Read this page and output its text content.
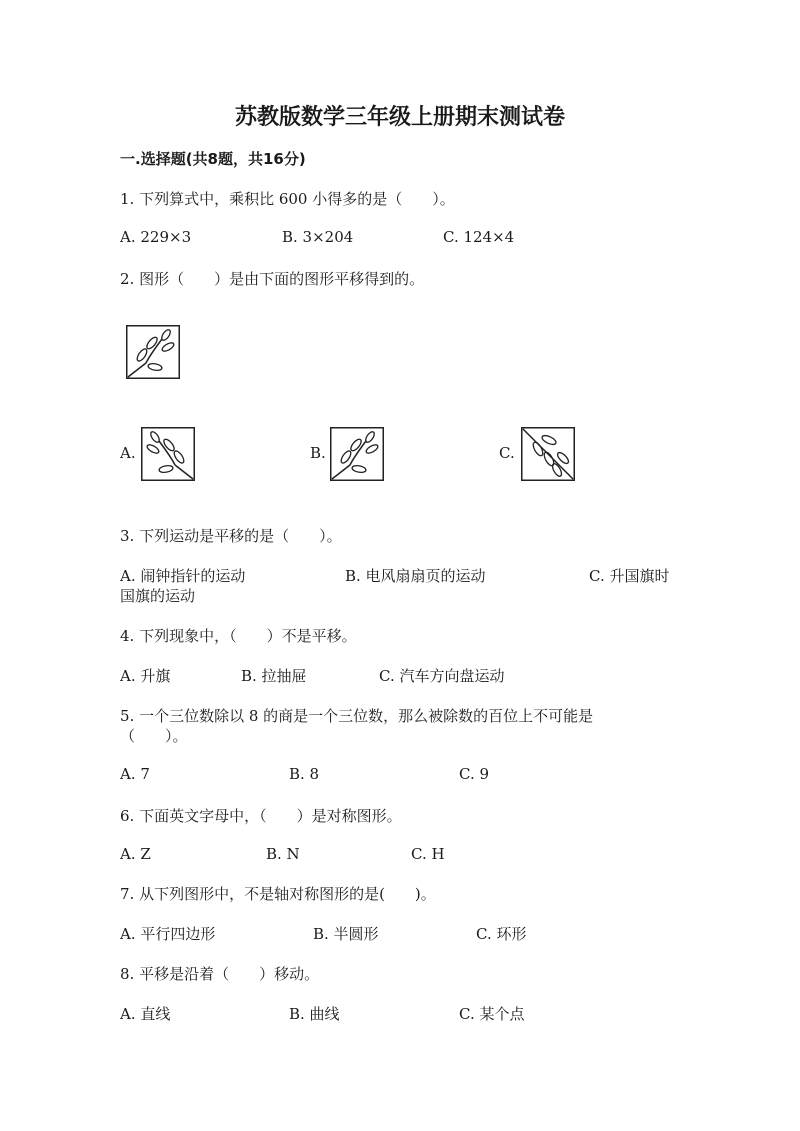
苏教版数学三年级上册期末测试卷
一.选择题(共8题，共16分)
1. 下列算式中，乘积比 600 小得多的是（　　）。
A. 229×3	B. 3×204	C. 124×4
2. 图形（　　）是由下面的图形平移得到的。
A.	B.	C.
3. 下列运动是平移的是（　　）。
A. 闹钟指针的运动	B. 电风扇扇页的运动	C. 升国旗时
国旗的运动
4. 下列现象中，（　　）不是平移。
A. 升旗	B. 拉抽屉	C. 汽车方向盘运动
5. 一个三位数除以 8 的商是一个三位数，那么被除数的百位上不可能是
（　　）。
A. 7	B. 8	C. 9
6. 下面英文字母中，（　　）是对称图形。
A. Z	B. N	C. H
7. 从下列图形中，不是轴对称图形的是(　　)。
A. 平行四边形	B. 半圆形	C. 环形
8. 平移是沿着（　　）移动。
A. 直线	B. 曲线	C. 某个点
